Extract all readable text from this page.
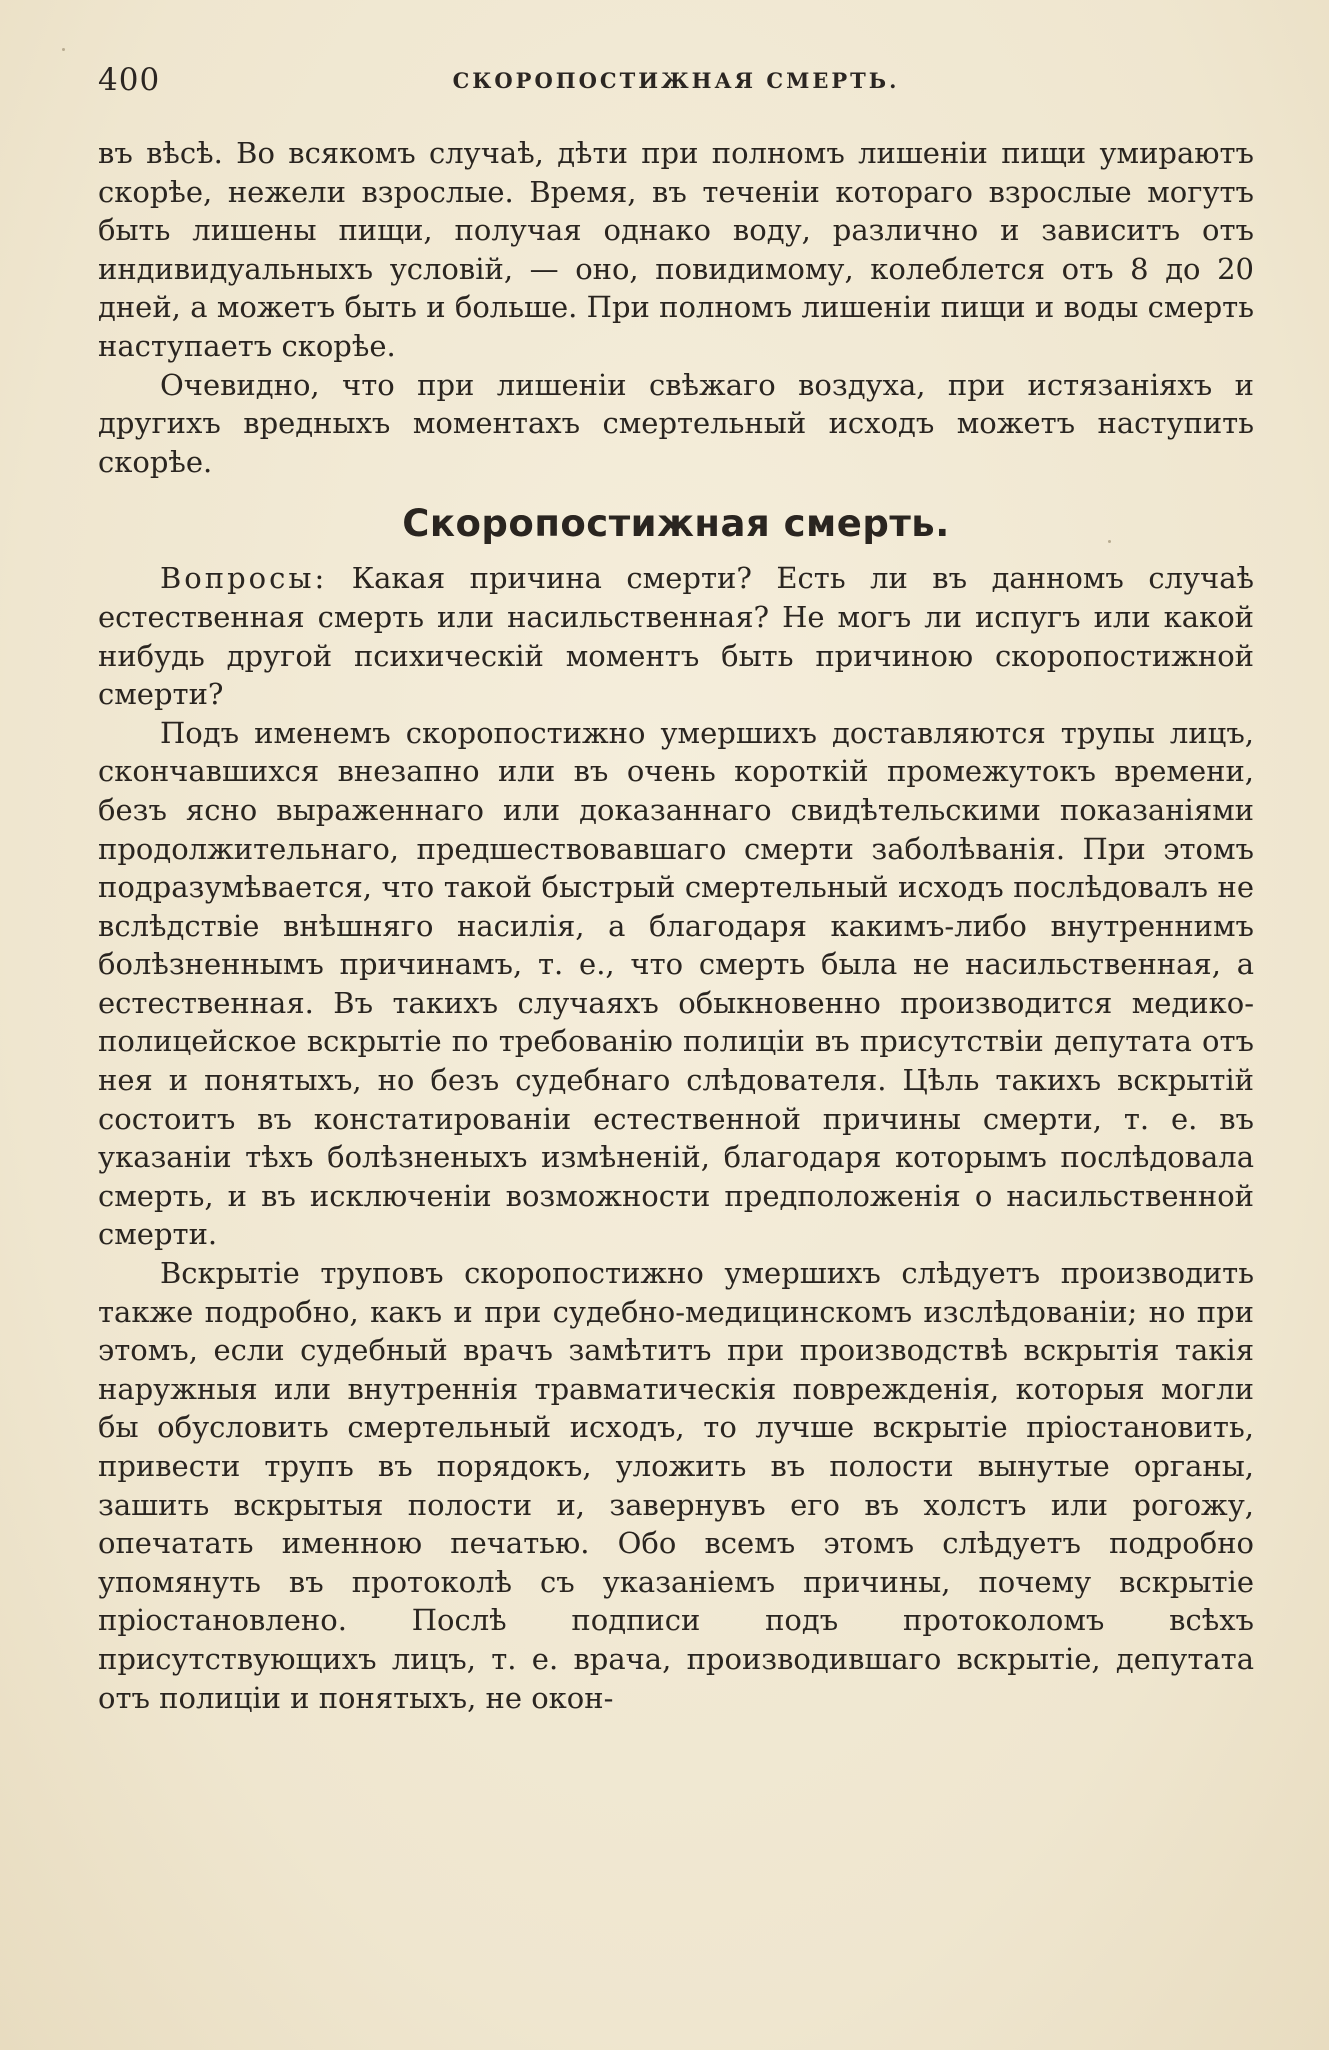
400	СКОРОПОСТИЖНАЯ СМЕРТЬ.

въ вѣсѣ. Во всякомъ случаѣ, дѣти при полномъ лишенiи пищи умираютъ скорѣе, нежели взрослые. Время, въ теченiи котораго взрослые могутъ быть лишены пищи, получая однако воду, различно и зависитъ отъ индивидуальныхъ условiй, — оно, повидимому, колеблется отъ 8 до 20 дней, а можетъ быть и больше. При полномъ лишенiи пищи и воды смерть наступаетъ скорѣе.

Очевидно, что при лишенiи свѣжаго воздуха, при истязанiяхъ и другихъ вредныхъ моментахъ смертельный исходъ можетъ наступить скорѣе.

Скоропостижная смерть.

Вопросы: Какая причина смерти? Есть ли въ данномъ случаѣ естественная смерть или насильственная? Не могъ ли испугъ или какой нибудь другой психическiй моментъ быть причиною скоропостижной смерти?

Подъ именемъ скоропостижно умершихъ доставляются трупы лицъ, скончавшихся внезапно или въ очень короткiй промежутокъ времени, безъ ясно выраженнаго или доказаннаго свидѣтельскими показанiями продолжительнаго, предшествовавшаго смерти заболѣванiя. При этомъ подразумѣвается, что такой быстрый смертельный исходъ послѣдовалъ не вслѣдствiе внѣшняго насилiя, а благодаря какимъ-либо внутреннимъ болѣзненнымъ причинамъ, т. е., что смерть была не насильственная, а естественная. Въ такихъ случаяхъ обыкновенно производится медико-полицейское вскрытiе по требованiю полицiи въ присутствiи депутата отъ нея и понятыхъ, но безъ судебнаго слѣдователя. Цѣль такихъ вскрытiй состоитъ въ констатированiи естественной причины смерти, т. е. въ указанiи тѣхъ болѣзненыхъ измѣненiй, благодаря которымъ послѣдовала смерть, и въ исключенiи возможности предположенiя о насильственной смерти.

Вскрытiе труповъ скоропостижно умершихъ слѣдуетъ производить также подробно, какъ и при судебно-медицинскомъ изслѣдованiи; но при этомъ, если судебный врачъ замѣтитъ при производствѣ вскрытiя такiя наружныя или внутреннiя травматическiя поврежденiя, которыя могли бы обусловить смертельный исходъ, то лучше вскрытiе прiостановить, привести трупъ въ порядокъ, уложить въ полости вынутые органы, зашить вскрытыя полости и, завернувъ его въ холстъ или рогожу, опечатать именною печатью. Обо всемъ этомъ слѣдуетъ подробно упомянуть въ протоколѣ съ указанiемъ причины, почему вскрытiе прiостановлено. Послѣ подписи подъ протоколомъ всѣхъ присутствующихъ лицъ, т. е. врача, производившаго вскрытiе, депутата отъ полицiи и понятыхъ, не окон-
